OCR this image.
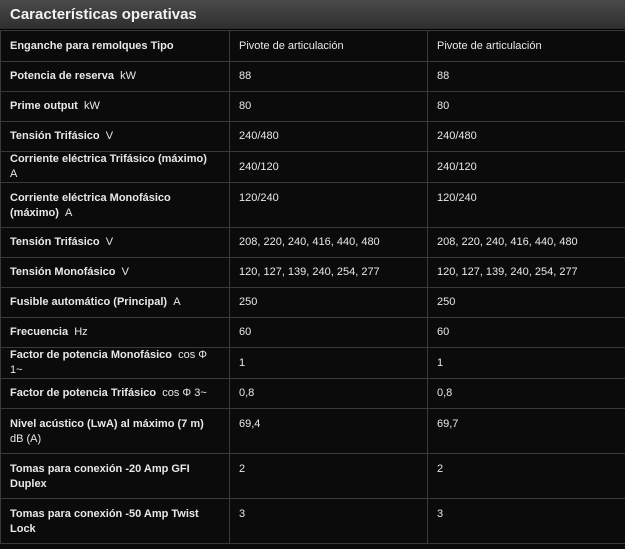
Características operativas
Enganche para remolques Tipo	Pivote de articulación	Pivote de articulación
Potencia de reserva kW	88	88
Prime output kW	80	80
Tensión Trifásico V	240/480	240/480
Corriente eléctrica Trifásico (máximo)  A	240/120	240/120
Corriente eléctrica Monofásico (máximo) A	120/240	120/240
Tensión Trifásico V	208, 220, 240, 416, 440, 480	208, 220, 240, 416, 440, 480
Tensión Monofásico V	120, 127, 139, 240, 254, 277	120, 127, 139, 240, 254, 277
Fusible automático (Principal) A	250	250
Frecuencia Hz	60	60
Factor de potencia Monofásico cos Φ 1~	1	1
Factor de potencia Trifásico cos Φ 3~	0,8	0,8
Nivel acústico (LwA) al máximo (7 m)  dB (A)	69,4	69,7
Tomas para conexión -20 Amp GFI Duplex	2	2
Tomas para conexión -50 Amp Twist Lock	3	3
